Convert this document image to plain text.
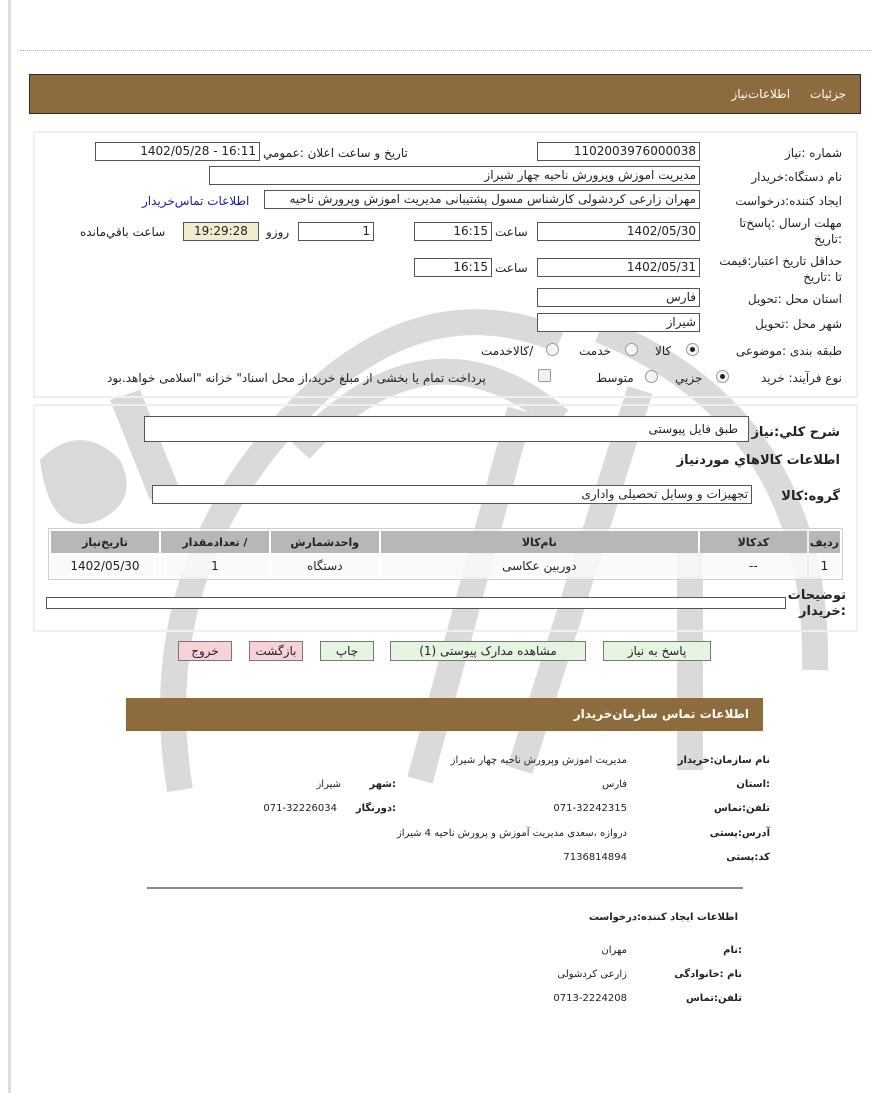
جزئیات
اطلاعات‌نیاز
شماره :نیاز
1102003976000038
تاریخ و ساعت اعلان :عمومي
1402/05/28 - 16:11
نام دستگاه:خریدار
مدیریت اموزش وپرورش ناحیه چهار شیراز
ایجاد کننده:درخواست
مهران زارعی کردشولی کارشناس مسول پشتیبانی مدیریت اموزش وپرورش ناحیه
اطلاعات تماس‌خریدار
مهلت ارسال :پاسخ‌تا
:تاریخ
1402/05/30
ساعت
16:15
1
روزو
19:29:28
ساعت باقي‌مانده
حداقل تاریخ اعتبار:قیمت
تا :تاریخ
1402/05/31
ساعت
16:15
استان محل :تحویل
فارس
شهر محل :تحویل
شیراز
طبقه بندی :موضوعی
کالا
خدمت
/کالاخدمت
نوع فرآیند: خرید
جزيي
متوسط
پرداخت تمام یا بخشی از مبلغ خرید،از محل اسناد" خزانه "اسلامی خواهد.بود
شرح کلي:نیاز
طبق فایل پیوستی
اطلاعات کالاهاي موردنیاز
گروه:کالا
تجهیزات و وسایل تحصیلی واداری
ردیف	کدکالا	نام‌کالا	واحدشمارش	/ تعدادمقدار	تاریخ‌نیاز
1	--	دوربین عکاسی	دستگاه	1	1402/05/30
توضیحات
:خریدار
پاسخ به نیاز
مشاهده مدارک پیوستی (1)
چاپ
بازگشت
خروج
اطلاعات تماس سازمان‌خریدار
نام سازمان:خریدار
مدیریت اموزش وپرورش ناحیه چهار شیراز
:استان
فارس
:شهر
شیراز
تلفن:تماس
071-32242315
:دورنگار
071-32226034
آدرس:پستی
دروازه ،سعدی مدیریت آموزش و پرورش ناحیه 4 شیراز
کد:پستی
7136814894
اطلاعات ایجاد کننده:درخواست
:نام
مهران
نام :خانوادگی
زارعی کردشولی
تلفن:تماس
0713-2224208
